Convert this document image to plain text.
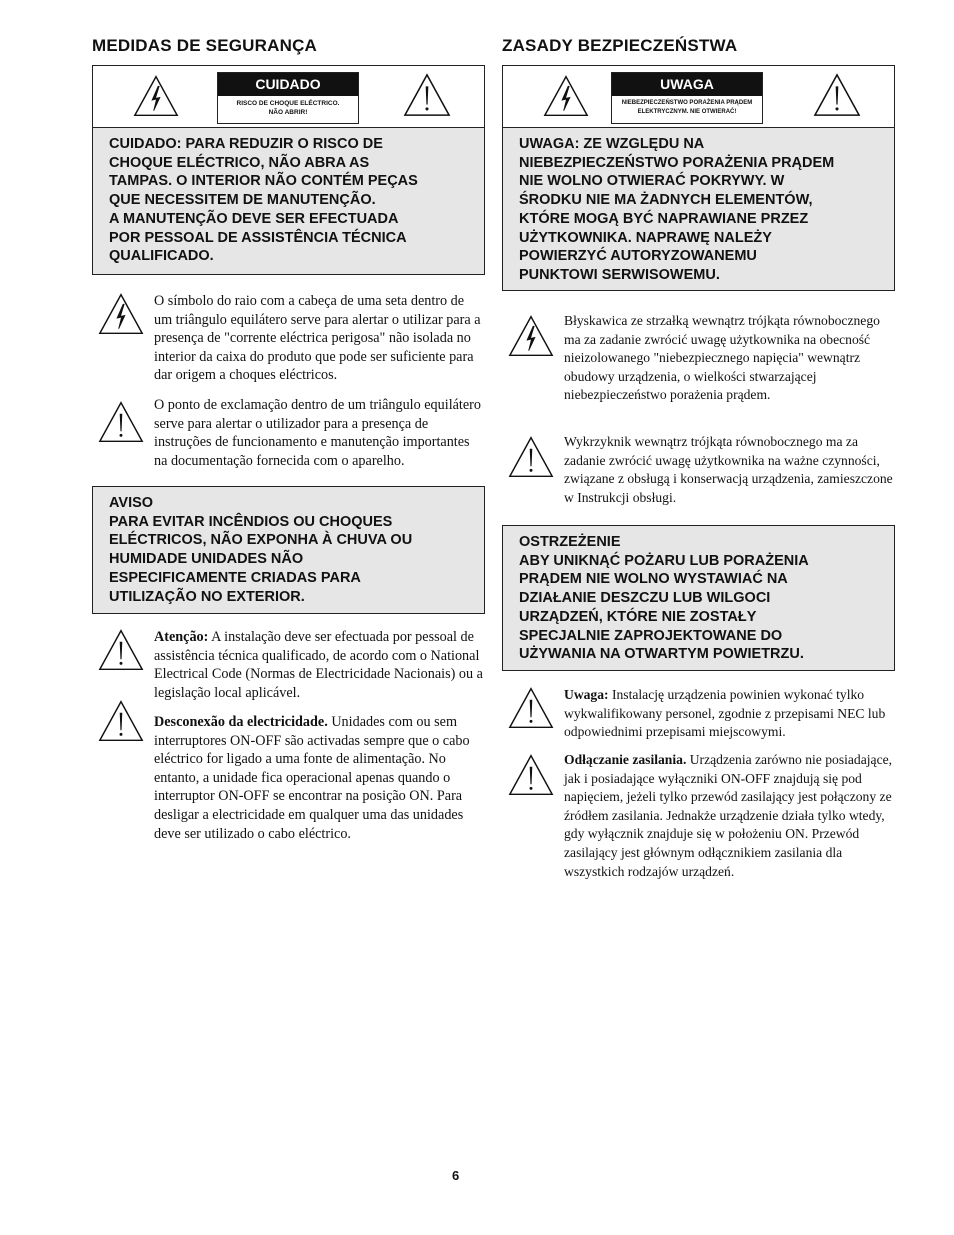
MEDIDAS DE SEGURANÇA
CUIDADO
RISCO DE CHOQUE ELÉCTRICO.
NÃO ABRIR!

CUIDADO: PARA REDUZIR O RISCO DE

CHOQUE ELÉCTRICO, NÃO ABRA AS

TAMPAS. O INTERIOR NÃO CONTÉM PEÇAS

QUE NECESSITEM DE MANUTENÇÃO.

A MANUTENÇÃO DEVE SER EFECTUADA

POR PESSOAL DE ASSISTÊNCIA TÉCNICA

QUALIFICADO.

O símbolo do raio com a cabeça de uma seta dentro de um triângulo equilátero serve para alertar o utilizar para a presença de "corrente eléctrica perigosa" não isolada no interior da caixa do produto que pode ser suficiente para dar origem a choques eléctricos.

O ponto de exclamação dentro de um triângulo equilátero serve para alertar o utilizador para a presença de instruções de funcionamento e manutenção importantes na documentação fornecida com o aparelho.

AVISO

PARA EVITAR INCÊNDIOS OU CHOQUES

ELÉCTRICOS, NÃO EXPONHA À CHUVA OU

HUMIDADE UNIDADES NÃO

ESPECIFICAMENTE CRIADAS PARA

UTILIZAÇÃO NO EXTERIOR.

Atenção: A instalação deve ser efectuada por pessoal de assistência técnica qualificado, de acordo com o National Electrical Code (Normas de Electricidade Nacionais) ou a legislação local aplicável.

Desconexão da electricidade. Unidades com ou sem interruptores ON-OFF são activadas sempre que o cabo eléctrico for ligado a uma fonte de alimentação. No entanto, a unidade fica operacional apenas quando o interruptor ON-OFF se encontrar na posição ON. Para desligar a electricidade em qualquer uma das unidades deve ser utilizado o cabo eléctrico.

ZASADY BEZPIECZEŃSTWA
UWAGA
NIEBEZPIECZEŃSTWO PORAŻENIA PRĄDEM
ELEKTRYCZNYM. NIE OTWIERAĆ!

UWAGA: ZE WZGLĘDU NA

NIEBEZPIECZEŃSTWO PORAŻENIA PRĄDEM

NIE WOLNO OTWIERAĆ POKRYWY. W

ŚRODKU NIE MA ŻADNYCH ELEMENTÓW,

KTÓRE MOGĄ BYĆ NAPRAWIANE PRZEZ

UŻYTKOWNIKA. NAPRAWĘ NALEŻY

POWIERZYĆ AUTORYZOWANEMU

PUNKTOWI SERWISOWEMU.

Błyskawica ze strzałką wewnątrz trójkąta równobocznego ma za zadanie zwrócić uwagę użytkownika na obecność nieizolowanego "niebezpiecznego napięcia" wewnątrz obudowy urządzenia, o wielkości stwarzającej niebezpieczeństwo porażenia prądem.

Wykrzyknik wewnątrz trójkąta równobocznego ma za zadanie zwrócić uwagę użytkownika na ważne czynności, związane z obsługą i konserwacją urządzenia, zamieszczone w Instrukcji obsługi.

OSTRZEŻENIE

ABY UNIKNĄĆ POŻARU LUB PORAŻENIA

PRĄDEM NIE WOLNO WYSTAWIAĆ NA

DZIAŁANIE DESZCZU LUB WILGOCI

URZĄDZEŃ, KTÓRE NIE ZOSTAŁY

SPECJALNIE ZAPROJEKTOWANE DO

UŻYWANIA NA OTWARTYM POWIETRZU.

Uwaga: Instalację urządzenia powinien wykonać tylko wykwalifikowany personel, zgodnie z przepisami NEC lub odpowiednimi przepisami miejscowymi.

Odłączanie zasilania. Urządzenia zarówno nie posiadające, jak i posiadające wyłączniki ON-OFF znajdują się pod napięciem, jeżeli tylko przewód zasilający jest połączony ze źródłem zasilania. Jednakże urządzenie działa tylko wtedy, gdy wyłącznik znajduje się w położeniu ON. Przewód zasilający jest głównym odłącznikiem zasilania dla wszystkich rodzajów urządzeń.

6
